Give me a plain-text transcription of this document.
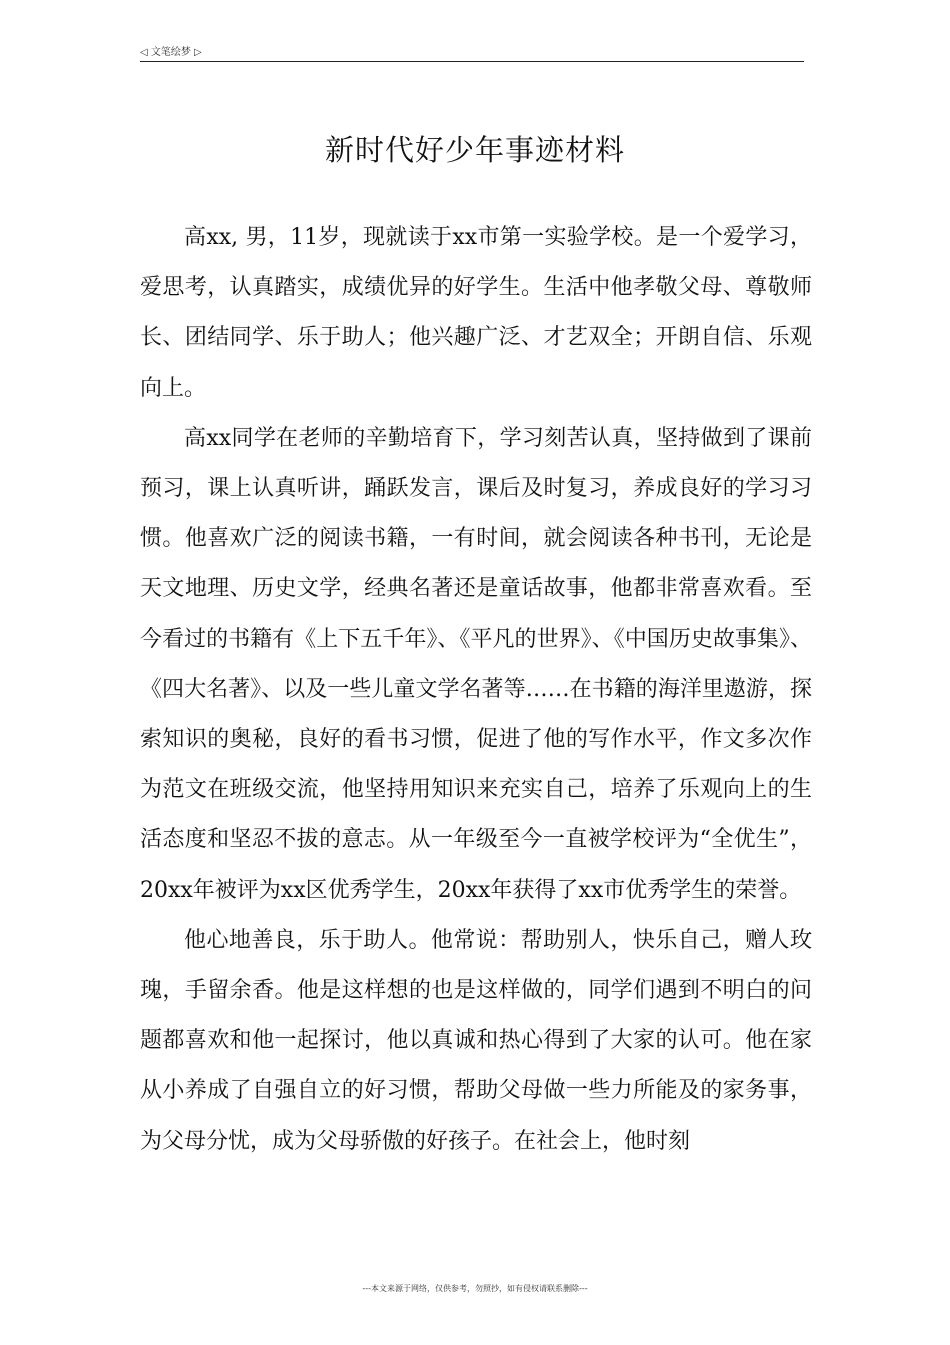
◁ 文笔绘梦 ▷
新时代好少年事迹材料

高xx, 男，11岁，现就读于xx市第一实验学校。是一个爱学习，爱思考，认真踏实，成绩优异的好学生。生活中他孝敬父母、尊敬师长、团结同学、乐于助人；他兴趣广泛、才艺双全；开朗自信、乐观向上。

高xx同学在老师的辛勤培育下，学习刻苦认真，坚持做到了课前预习，课上认真听讲，踊跃发言，课后及时复习，养成良好的学习习惯。他喜欢广泛的阅读书籍，一有时间，就会阅读各种书刊，无论是天文地理、历史文学，经典名著还是童话故事，他都非常喜欢看。至今看过的书籍有《上下五千年》、《平凡的世界》、《中国历史故事集》、《四大名著》、以及一些儿童文学名著等……在书籍的海洋里遨游，探索知识的奥秘，良好的看书习惯，促进了他的写作水平，作文多次作为范文在班级交流，他坚持用知识来充实自己，培养了乐观向上的生活态度和坚忍不拔的意志。从一年级至今一直被学校评为“全优生”，20xx年被评为xx区优秀学生，20xx年获得了xx市优秀学生的荣誉。

他心地善良，乐于助人。他常说：帮助别人，快乐自己，赠人玫瑰，手留余香。他是这样想的也是这样做的，同学们遇到不明白的问题都喜欢和他一起探讨，他以真诚和热心得到了大家的认可。他在家从小养成了自强自立的好习惯，帮助父母做一些力所能及的家务事，为父母分忧，成为父母骄傲的好孩子。在社会上，他时刻

---本文来源于网络，仅供参考，勿照抄，如有侵权请联系删除---
